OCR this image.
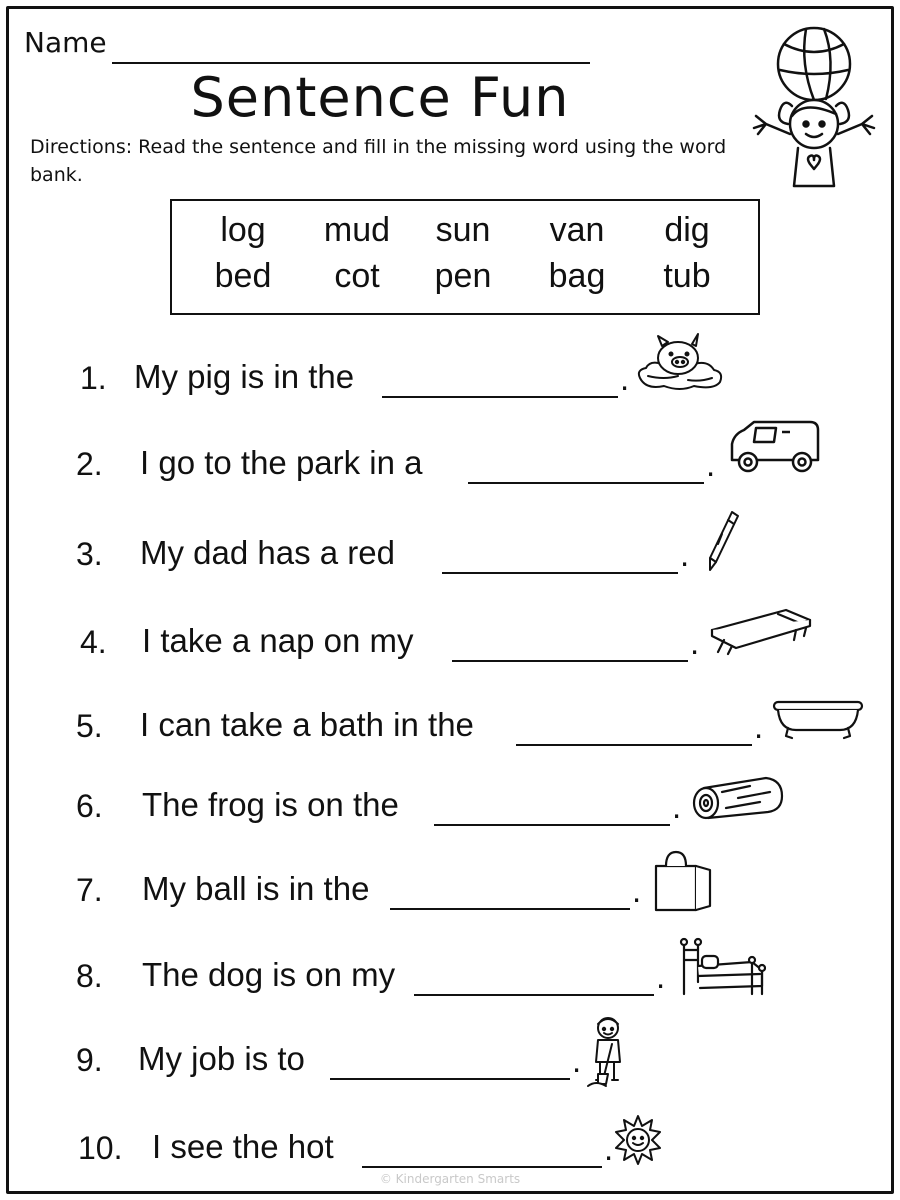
Name
Sentence Fun
Directions: Read the sentence and fill in the missing word using the word bank.
log	mud	sun	van	dig
bed	cot	pen	bag	tub
1. My pig is in the	.
2. I go to the park in a	.
3. My dad has a red	.
4. I take a nap on my	.
5. I can take a bath in the	.
6. The frog is on the	.
7. My ball is in the	.
8. The dog is on my	.
9. My job is to	.
10. I see the hot	.
© Kindergarten Smarts
